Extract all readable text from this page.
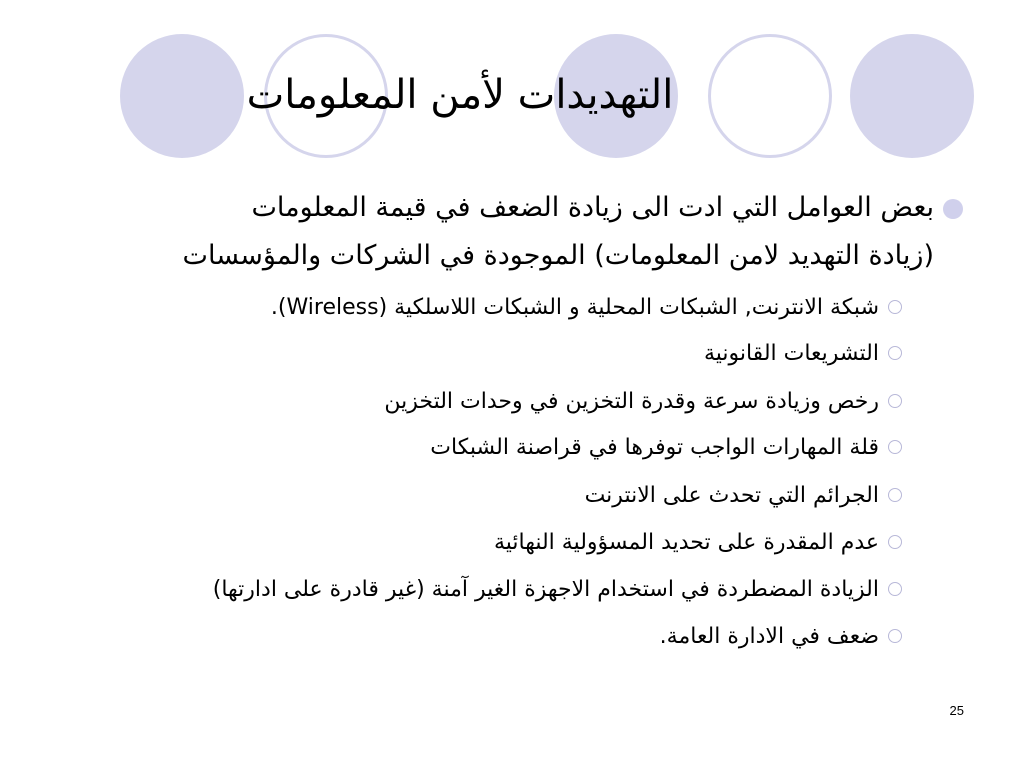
التهديدات لأمن المعلومات
بعض العوامل التي ادت الى زيادة الضعف في قيمة المعلومات
(زيادة التهديد لامن المعلومات) الموجودة في الشركات والمؤسسات
شبكة الانترنت, الشبكات المحلية و الشبكات اللاسلكية (Wireless).
التشريعات القانونية
رخص وزيادة سرعة وقدرة التخزين في وحدات التخزين
قلة المهارات الواجب توفرها في قراصنة الشبكات
الجرائم التي تحدث على الانترنت
عدم المقدرة على تحديد المسؤولية النهائية
الزيادة المضطردة في استخدام الاجهزة الغير آمنة (غير قادرة على ادارتها)
ضعف في الادارة العامة.
25
